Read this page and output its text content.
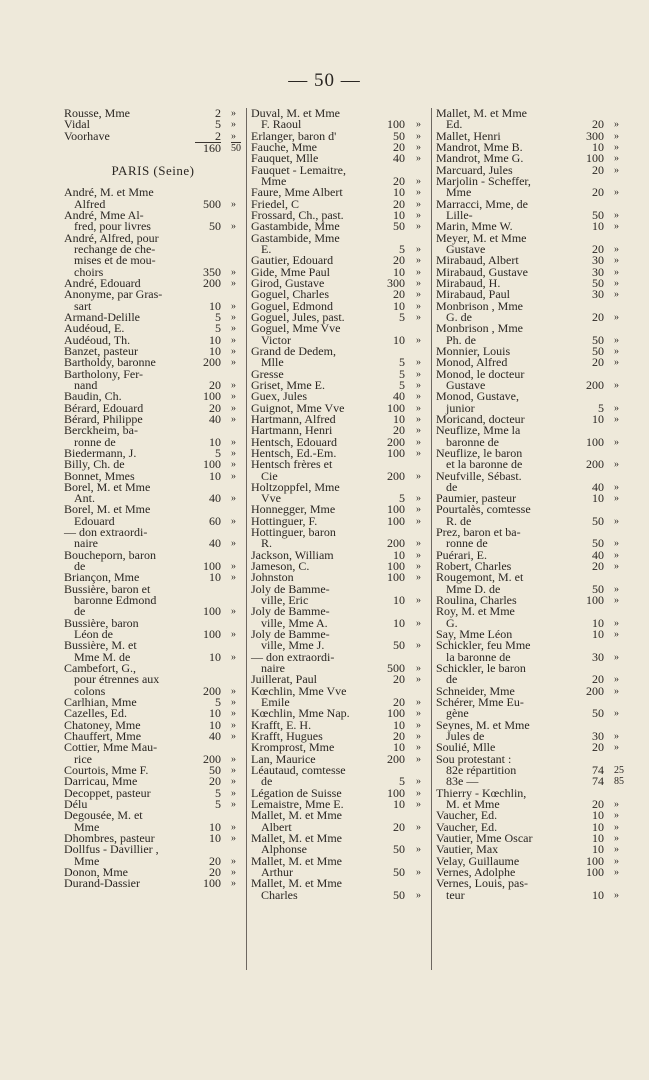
— 50 —
Rousse, Mme	2 »
Vidal	5 »
Voorhave	2 »
160 50
PARIS (Seine)
André, M. et Mme
Alfred	500 »
André, Mme Al-
fred, pour livres	50 »
André, Alfred, pour
rechange de che-
mises et de mou-
choirs	350 »
André, Edouard	200 »
Anonyme, par Gras-
sart	10 »
Armand-Delille	5 »
Audéoud, E.	5 »
Audéoud, Th.	10 »
Banzet, pasteur	10 »
Bartholdy, baronne	200 »
Bartholony, Fer-
nand	20 »
Baudin, Ch.	100 »
Bérard, Edouard	20 »
Bérard, Philippe	40 »
Berckheim, ba-
ronne de	10 »
Biedermann, J.	5 »
Billy, Ch. de	100 »
Bonnet, Mmes	10 »
Borel, M. et Mme
Ant.	40 »
Borel, M. et Mme
Edouard	60 »
— don extraordi-
naire	40 »
Boucheporn, baron
de	100 »
Briançon, Mme	10 »
Bussière, baron et
baronne Edmond
de	100 »
Bussière, baron
Léon de	100 »
Bussière, M. et
Mme M. de	10 »
Cambefort, G.,
pour étrennes aux
colons	200 »
Carlhian, Mme	5 »
Cazelles, Ed.	10 »
Chatoney, Mme	10 »
Chauffert, Mme	40 »
Cottier, Mme Mau-
rice	200 »
Courtois, Mme F.	50 »
Darricau, Mme	20 »
Decoppet, pasteur	5 »
Délu	5 »
Degousée, M. et
Mme	10 »
Dhombres, pasteur	10 »
Dollfus - Davillier ,
Mme	20 »
Donon, Mme	20 »
Durand-Dassier	100 »
Duval, M. et Mme
F. Raoul	100 »
Erlanger, baron d'	50 »
Fauche, Mme	20 »
Fauquet, Mlle	40 »
Fauquet - Lemaitre,
Mme	20 »
Faure, Mme Albert	10 »
Friedel, C	20 »
Frossard, Ch., past.	10 »
Gastambide, Mme	50 »
Gastambide, Mme
E.	5 »
Gautier, Edouard	20 »
Gide, Mme Paul	10 »
Girod, Gustave	300 »
Goguel, Charles	20 »
Goguel, Edmond	10 »
Goguel, Jules, past.	5 »
Goguel, Mme Vve
Victor	10 »
Grand de Dedem,
Mlle	5 »
Gresse	5 »
Griset, Mme E.	5 »
Guex, Jules	40 »
Guignot, Mme Vve	100 »
Hartmann, Alfred	10 »
Hartmann, Henri	20 »
Hentsch, Edouard	200 »
Hentsch, Ed.-Em.	100 »
Hentsch frères et
Cie	200 »
Holtzoppfel, Mme
Vve	5 »
Honnegger, Mme	100 »
Hottinguer, F.	100 »
Hottinguer, baron
R.	200 »
Jackson, William	10 »
Jameson, C.	100 »
Johnston	100 »
Joly de Bamme-
ville, Eric	10 »
Joly de Bamme-
ville, Mme A.	10 »
Joly de Bamme-
ville, Mme J.	50 »
— don extraordi-
naire	500 »
Juillerat, Paul	20 »
Kœchlin, Mme Vve
Emile	20 »
Kœchlin, Mme Nap.	100 »
Krafft, E. H.	10 »
Krafft, Hugues	20 »
Kromprost, Mme	10 »
Lan, Maurice	200 »
Léautaud, comtesse
de	5 »
Légation de Suisse	100 »
Lemaistre, Mme E.	10 »
Mallet, M. et Mme
Albert	20 »
Mallet, M. et Mme
Alphonse	50 »
Mallet, M. et Mme
Arthur	50 »
Mallet, M. et Mme
Charles	50 »
Mallet, M. et Mme
Ed.	20 »
Mallet, Henri	300 »
Mandrot, Mme B.	10 »
Mandrot, Mme G.	100 »
Marcuard, Jules	20 »
Marjolin - Scheffer,
Mme	20 »
Marracci, Mme, de
Lille-	50 »
Marin, Mme W.	10 »
Meyer, M. et Mme
Gustave	20 »
Mirabaud, Albert	30 »
Mirabaud, Gustave	30 »
Mirabaud, H.	50 »
Mirabaud, Paul	30 »
Monbrison , Mme
G. de	20 »
Monbrison , Mme
Ph. de	50 »
Monnier, Louis	50 »
Monod, Alfred	20 »
Monod, le docteur
Gustave	200 »
Monod, Gustave,
junior	5 »
Moricand, docteur	10 »
Neuflize, Mme la
baronne de	100 »
Neuflize, le baron
et la baronne de	200 »
Neufville, Sébast.
de	40 »
Paumier, pasteur	10 »
Pourtalès, comtesse
R. de	50 »
Prez, baron et ba-
ronne de	50 »
Puérari, E.	40 »
Robert, Charles	20 »
Rougemont, M. et
Mme D. de	50 »
Roulina, Charles	100 »
Roy, M. et Mme
G.	10 »
Say, Mme Léon	10 »
Schickler, feu Mme
la baronne de	30 »
Schickler, le baron
de	20 »
Schneider, Mme	200 »
Schérer, Mme Eu-
gène	50 »
Seynes, M. et Mme
Jules de	30 »
Soulié, Mlle	20 »
Sou protestant :
82e répartition	74 25
83e —	74 85
Thierry - Kœchlin,
M. et Mme	20 »
Vaucher, Ed.	10 »
Vaucher, Ed.	10 »
Vautier, Mme Oscar	10 »
Vautier, Max	10 »
Velay, Guillaume	100 »
Vernes, Adolphe	100 »
Vernes, Louis, pas-
teur	10 »
